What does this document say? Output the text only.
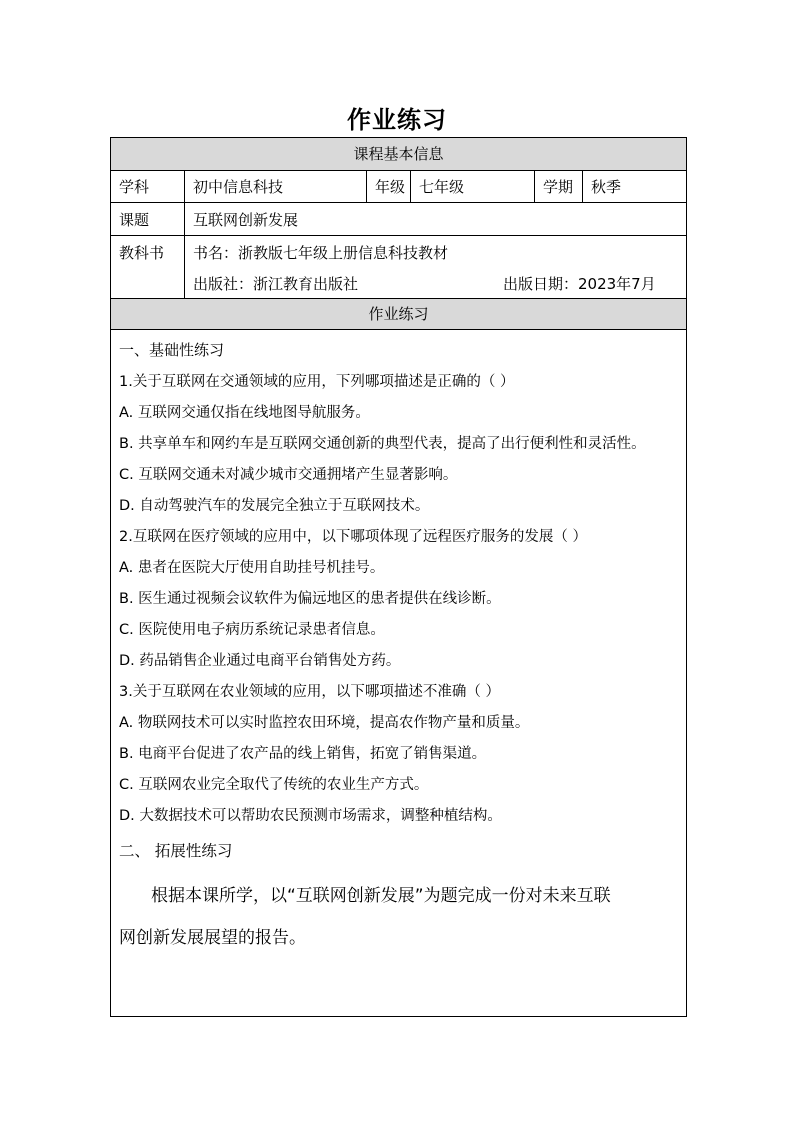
作业练习
课程基本信息
学科	初中信息科技	年级 七年级	学期	秋季
课题	互联网创新发展
教科书	书名：浙教版七年级上册信息科技教材
出版社：浙江教育出版社	出版日期：2023年7月
作业练习
一、基础性练习
1.关于互联网在交通领域的应用，下列哪项描述是正确的（ ）
A. 互联网交通仅指在线地图导航服务。
B. 共享单车和网约车是互联网交通创新的典型代表，提高了出行便利性和灵活性。
C. 互联网交通未对减少城市交通拥堵产生显著影响。
D. 自动驾驶汽车的发展完全独立于互联网技术。
2.互联网在医疗领域的应用中，以下哪项体现了远程医疗服务的发展（ ）
A. 患者在医院大厅使用自助挂号机挂号。
B. 医生通过视频会议软件为偏远地区的患者提供在线诊断。
C. 医院使用电子病历系统记录患者信息。
D. 药品销售企业通过电商平台销售处方药。
3.关于互联网在农业领域的应用，以下哪项描述不准确（ ）
A. 物联网技术可以实时监控农田环境，提高农作物产量和质量。
B. 电商平台促进了农产品的线上销售，拓宽了销售渠道。
C. 互联网农业完全取代了传统的农业生产方式。
D. 大数据技术可以帮助农民预测市场需求，调整种植结构。
二、 拓展性练习
根据本课所学，以“互联网创新发展”为题完成一份对未来互联
网创新发展展望的报告。
